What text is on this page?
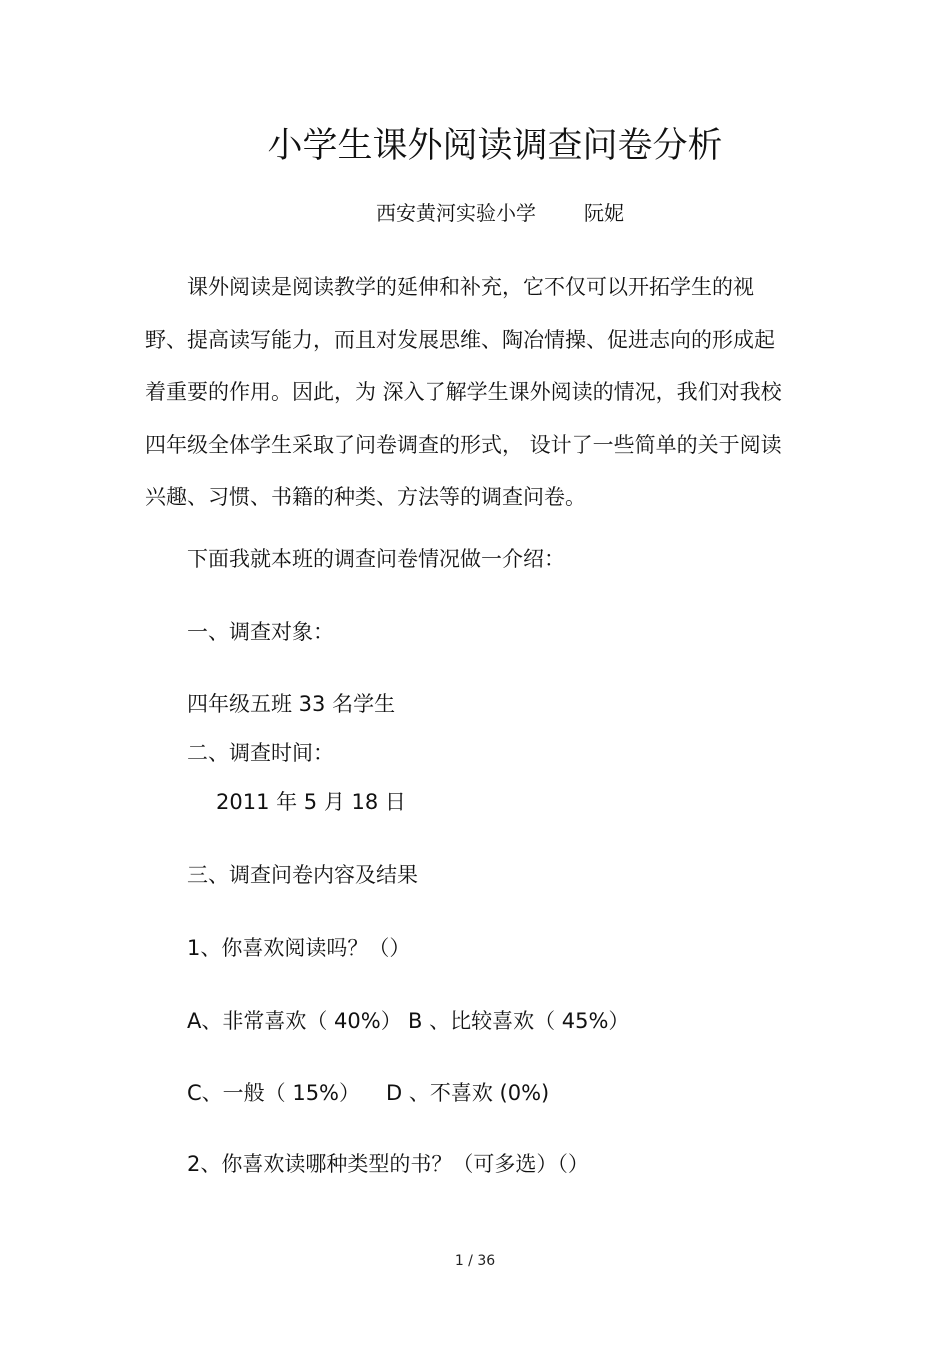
小学生课外阅读调查问卷分析
西安黄河实验小学 阮妮
课外阅读是阅读教学的延伸和补充，它不仅可以开拓学生的视
野、提高读写能力，而且对发展思维、陶冶情操、促进志向的形成起
着重要的作用。因此，为 深入了解学生课外阅读的情况，我们对我校
四年级全体学生采取了问卷调查的形式， 设计了一些简单的关于阅读
兴趣、习惯、书籍的种类、方法等的调查问卷。
下面我就本班的调查问卷情况做一介绍：
一、调查对象：
四年级五班 33 名学生
二、调查时间：
2011 年 5 月 18 日
三、调查问卷内容及结果
1、你喜欢阅读吗？（）
A、非常喜欢（ 40%） B 、比较喜欢（ 45%）
C、一般（ 15%） D 、不喜欢 (0%)
2、你喜欢读哪种类型的书？（可多选）（）
1 / 36
